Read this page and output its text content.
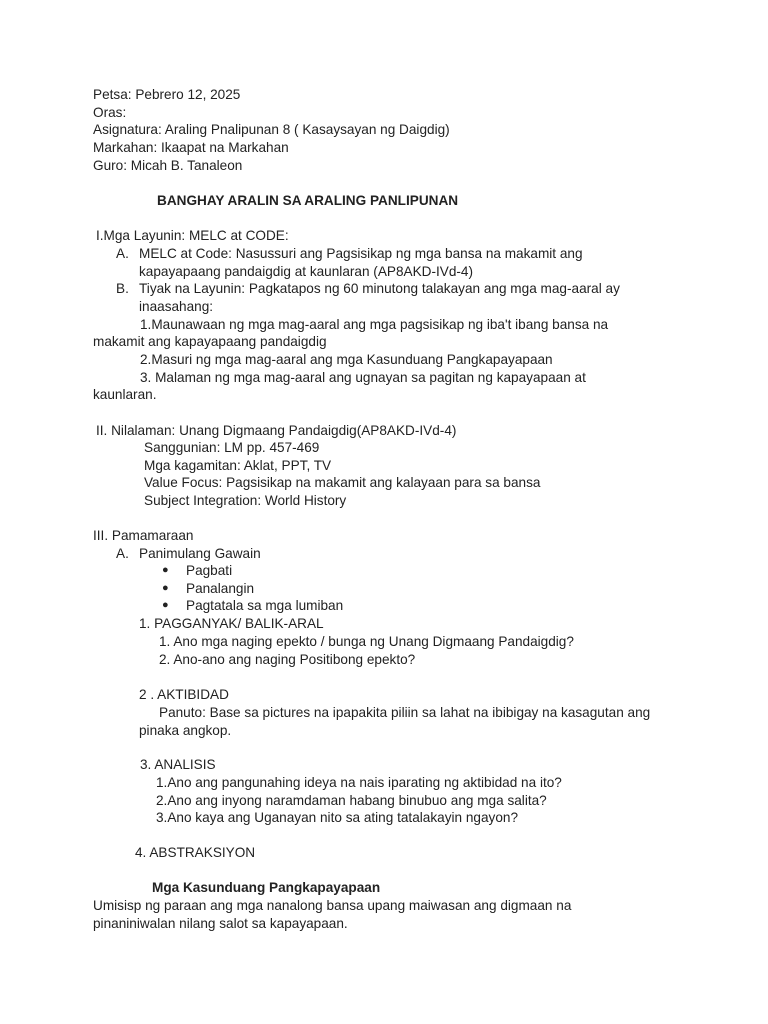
Petsa: Pebrero 12, 2025
Oras:
Asignatura: Araling Pnalipunan 8 ( Kasaysayan ng Daigdig)
Markahan: Ikaapat na Markahan
Guro: Micah B. Tanaleon
BANGHAY ARALIN SA ARALING PANLIPUNAN
I.Mga Layunin: MELC at CODE:
A. MELC at Code: Nasussuri ang Pagsisikap ng mga bansa na makamit ang
kapayapaang pandaigdig at kaunlaran (AP8AKD-IVd-4)
B. Tiyak na Layunin: Pagkatapos ng 60 minutong talakayan ang mga mag-aaral ay
inaasahang:
1.Maunawaan ng mga mag-aaral ang mga pagsisikap ng iba't ibang bansa na
makamit ang kapayapaang pandaigdig
2.Masuri ng mga mag-aaral ang mga Kasunduang Pangkapayapaan
3. Malaman ng mga mag-aaral ang ugnayan sa pagitan ng kapayapaan at
kaunlaran.
II. Nilalaman: Unang Digmaang Pandaigdig(AP8AKD-IVd-4)
Sanggunian: LM pp. 457-469
Mga kagamitan: Aklat, PPT, TV
Value Focus: Pagsisikap na makamit ang kalayaan para sa bansa
Subject Integration: World History
III. Pamamaraan
A. Panimulang Gawain
● Pagbati
● Panalangin
● Pagtatala sa mga lumiban
1. PAGGANYAK/ BALIK-ARAL
1. Ano mga naging epekto / bunga ng Unang Digmaang Pandaigdig?
2. Ano-ano ang naging Positibong epekto?
2 . AKTIBIDAD
Panuto: Base sa pictures na ipapakita piliin sa lahat na ibibigay na kasagutan ang
pinaka angkop.
3. ANALISIS
1.Ano ang pangunahing ideya na nais iparating ng aktibidad na ito?
2.Ano ang inyong naramdaman habang binubuo ang mga salita?
3.Ano kaya ang Uganayan nito sa ating tatalakayin ngayon?
4. ABSTRAKSIYON
Mga Kasunduang Pangkapayapaan
Umisisp ng paraan ang mga nanalong bansa upang maiwasan ang digmaan na
pinaniniwalan nilang salot sa kapayapaan.
